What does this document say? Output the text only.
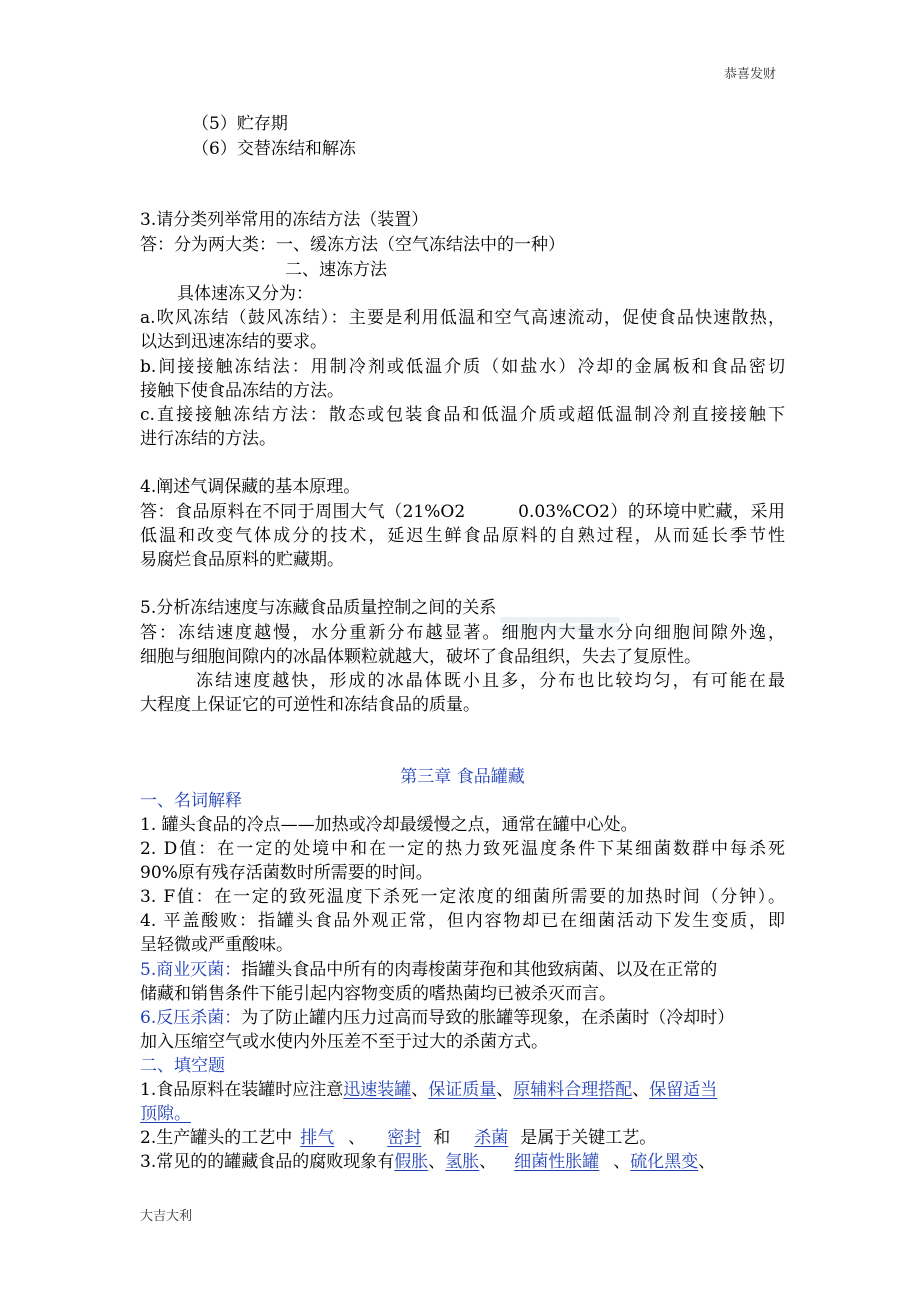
恭喜发财
（5）贮存期
（6）交替冻结和解冻
3.请分类列举常用的冻结方法（装置）
答：分为两大类：一、缓冻方法（空气冻结法中的一种）
二、速冻方法
具体速冻又分为：
a.吹风冻结（鼓风冻结）：主要是利用低温和空气高速流动，促使食品快速散热，
以达到迅速冻结的要求。
b.间接接触冻结法：用制冷剂或低温介质（如盐水）冷却的金属板和食品密切
接触下使食品冻结的方法。
c.直接接触冻结方法：散态或包装食品和低温介质或超低温制冷剂直接接触下
进行冻结的方法。
4.阐述气调保藏的基本原理。
答：食品原料在不同于周围大气（21%O2　　　0.03%CO2）的环境中贮藏，采用
低温和改变气体成分的技术，延迟生鲜食品原料的自熟过程，从而延长季节性
易腐烂食品原料的贮藏期。
5.分析冻结速度与冻藏食品质量控制之间的关系
答：冻结速度越慢，水分重新分布越显著。细胞内大量水分向细胞间隙外逸，
细胞与细胞间隙内的冰晶体颗粒就越大，破坏了食品组织，失去了复原性。
冻结速度越快，形成的冰晶体既小且多，分布也比较均匀，有可能在最
大程度上保证它的可逆性和冻结食品的质量。
第三章 食品罐藏
一、名词解释
1. 罐头食品的冷点——加热或冷却最缓慢之点，通常在罐中心处。
2. D值：在一定的处境中和在一定的热力致死温度条件下某细菌数群中每杀死
90%原有残存活菌数时所需要的时间。
3. F值：在一定的致死温度下杀死一定浓度的细菌所需要的加热时间（分钟）。
4. 平盖酸败：指罐头食品外观正常，但内容物却已在细菌活动下发生变质，即
呈轻微或严重酸味。
5.商业灭菌：指罐头食品中所有的肉毒梭菌芽孢和其他致病菌、以及在正常的
储藏和销售条件下能引起内容物变质的嗜热菌均已被杀灭而言。
6.反压杀菌：为了防止罐内压力过高而导致的胀罐等现象，在杀菌时（冷却时）
加入压缩空气或水使内外压差不至于过大的杀菌方式。
二、填空题
1.食品原料在装罐时应注意迅速装罐、保证质量、原辅料合理搭配、保留适当
顶隙。
2.生产罐头的工艺中 排气 、 密封 和 杀菌 是属于关键工艺。
3.常见的的罐藏食品的腐败现象有假胀、氢胀、 细菌性胀罐 、硫化黑变、
大吉大利
